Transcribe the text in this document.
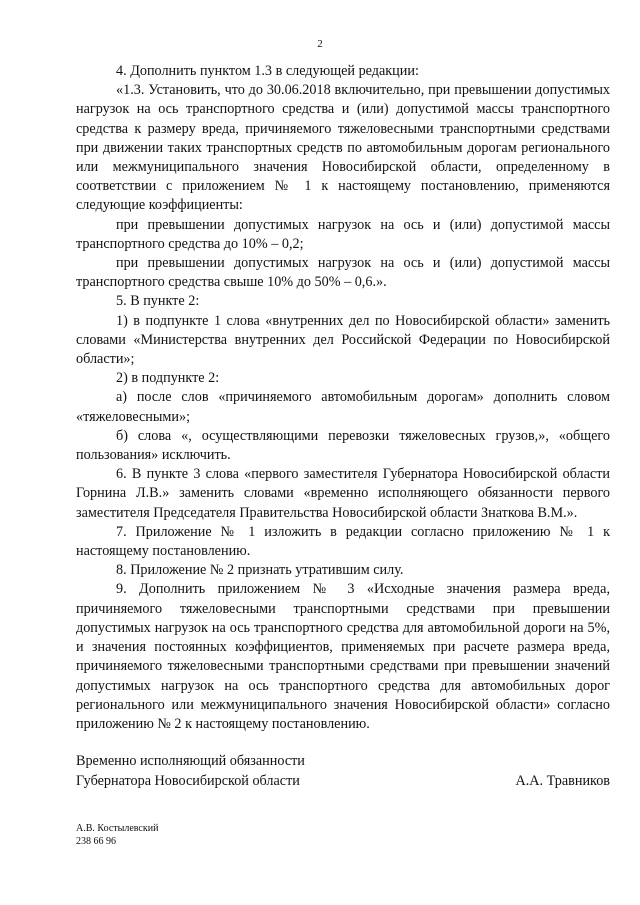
2

4. Дополнить пунктом 1.3 в следующей редакции:

«1.3. Установить, что до 30.06.2018 включительно, при превышении допустимых нагрузок на ось транспортного средства и (или) допустимой массы транспортного средства к размеру вреда, причиняемого тяжеловесными транспортными средствами при движении таких транспортных средств по автомобильным дорогам регионального или межмуниципального значения Новосибирской области, определенному в соответствии с приложением № 1 к настоящему постановлению, применяются следующие коэффициенты:

при превышении допустимых нагрузок на ось и (или) допустимой массы транспортного средства до 10% – 0,2;

при превышении допустимых нагрузок на ось и (или) допустимой массы транспортного средства свыше 10% до 50% – 0,6.».

5. В пункте 2:

1) в подпункте 1 слова «внутренних дел по Новосибирской области» заменить словами «Министерства внутренних дел Российской Федерации по Новосибирской области»;

2) в подпункте 2:

а) после слов «причиняемого автомобильным дорогам» дополнить словом «тяжеловесными»;

б) слова «, осуществляющими перевозки тяжеловесных грузов,», «общего пользования» исключить.

6. В пункте 3 слова «первого заместителя Губернатора Новосибирской области Горнина Л.В.» заменить словами «временно исполняющего обязанности первого заместителя Председателя Правительства Новосибирской области Знаткова В.М.».

7. Приложение № 1 изложить в редакции согласно приложению № 1 к настоящему постановлению.

8. Приложение № 2 признать утратившим силу.

9. Дополнить приложением № 3 «Исходные значения размера вреда, причиняемого тяжеловесными транспортными средствами при превышении допустимых нагрузок на ось транспортного средства для автомобильной дороги на 5%, и значения постоянных коэффициентов, применяемых при расчете размера вреда, причиняемого тяжеловесными транспортными средствами при превышении значений допустимых нагрузок на ось транспортного средства для автомобильных дорог регионального или межмуниципального значения Новосибирской области» согласно приложению № 2 к настоящему постановлению.

Временно исполняющий обязанности
Губернатора Новосибирской области	А.А. Травников
А.В. Костылевский
238 66 96
